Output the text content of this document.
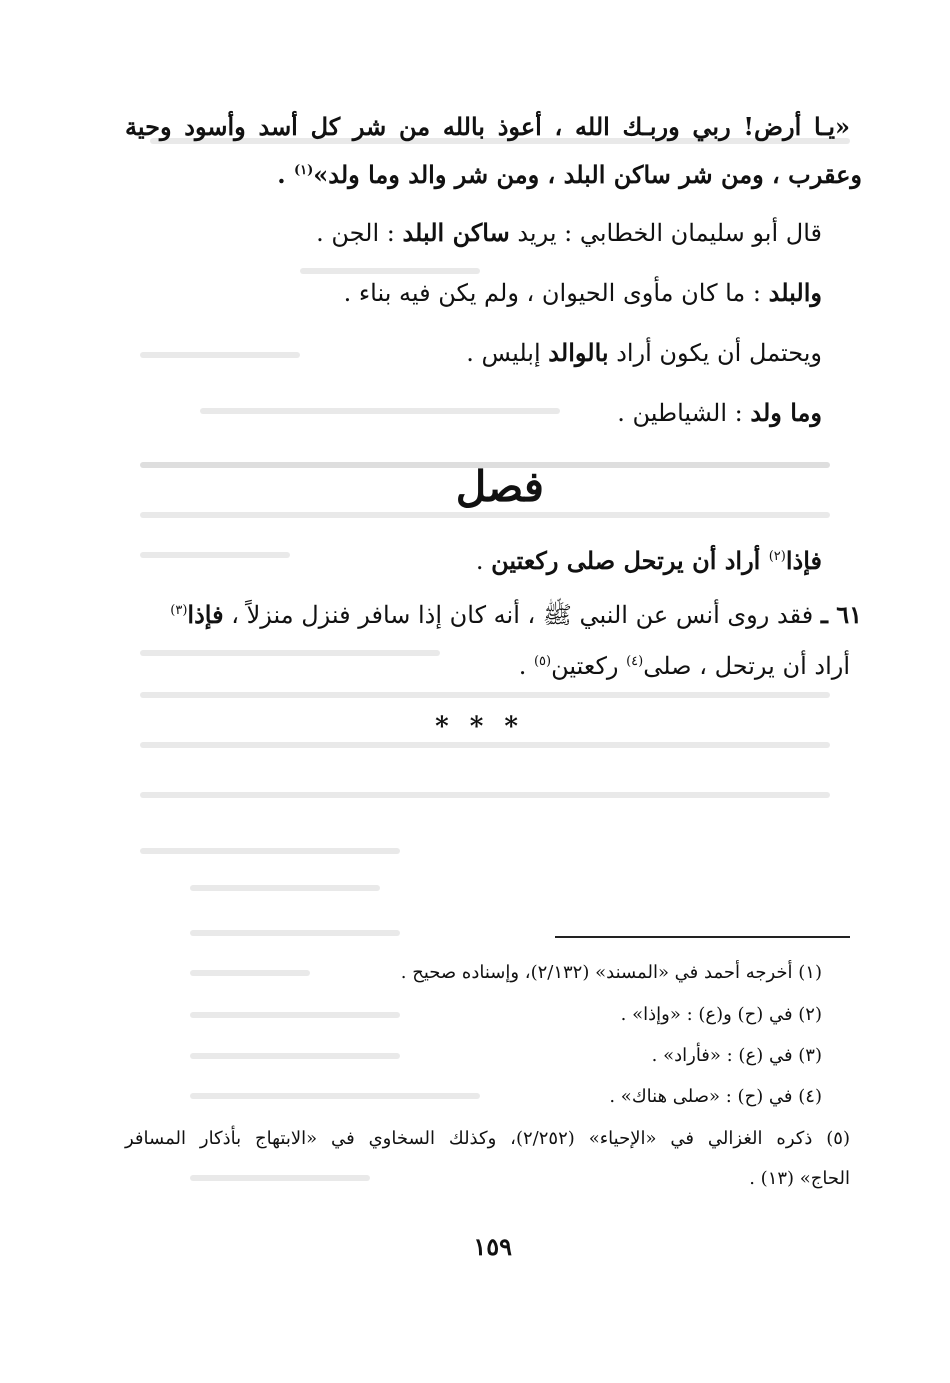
«يـا أرض! ربي وربـك الله ، أعوذ بالله من شر كل أسد وأسود وحية
وعقرب ، ومن شر ساكن البلد ، ومن شر والد وما ولد»$^{(١)}$ .
قال أبو سليمان الخطابي : يريد ساكن البلد : الجن .
والبلد : ما كان مأوى الحيوان ، ولم يكن فيه بناء .
ويحتمل أن يكون أراد بالوالد إبليس .
وما ولد : الشياطين .
فصل
فإذا$^{(٢)}$ أراد أن يرتحل صلى ركعتين .
٦١ ـ فقد روى أنس عن النبي ﷺ ، أنه كان إذا سافر فنزل منزلاً ، فإذا$^{(٣)}$
أراد أن يرتحل ، صلى$^{(٤)}$ ركعتين$^{(٥)}$ .
* * *
(١) أخرجه أحمد في «المسند» (٢/١٣٢)، وإسناده صحيح .
(٢) في (ح) و(ع) : «وإذا» .
(٣) في (ع) : «فأراد» .
(٤) في (ح) : «صلى هناك» .
(٥) ذكره الغزالي في «الإحياء» (٢/٢٥٢)، وكذلك السخاوي في «الابتهاج بأذكار المسافر
الحاج» (١٣) .
١٥٩
